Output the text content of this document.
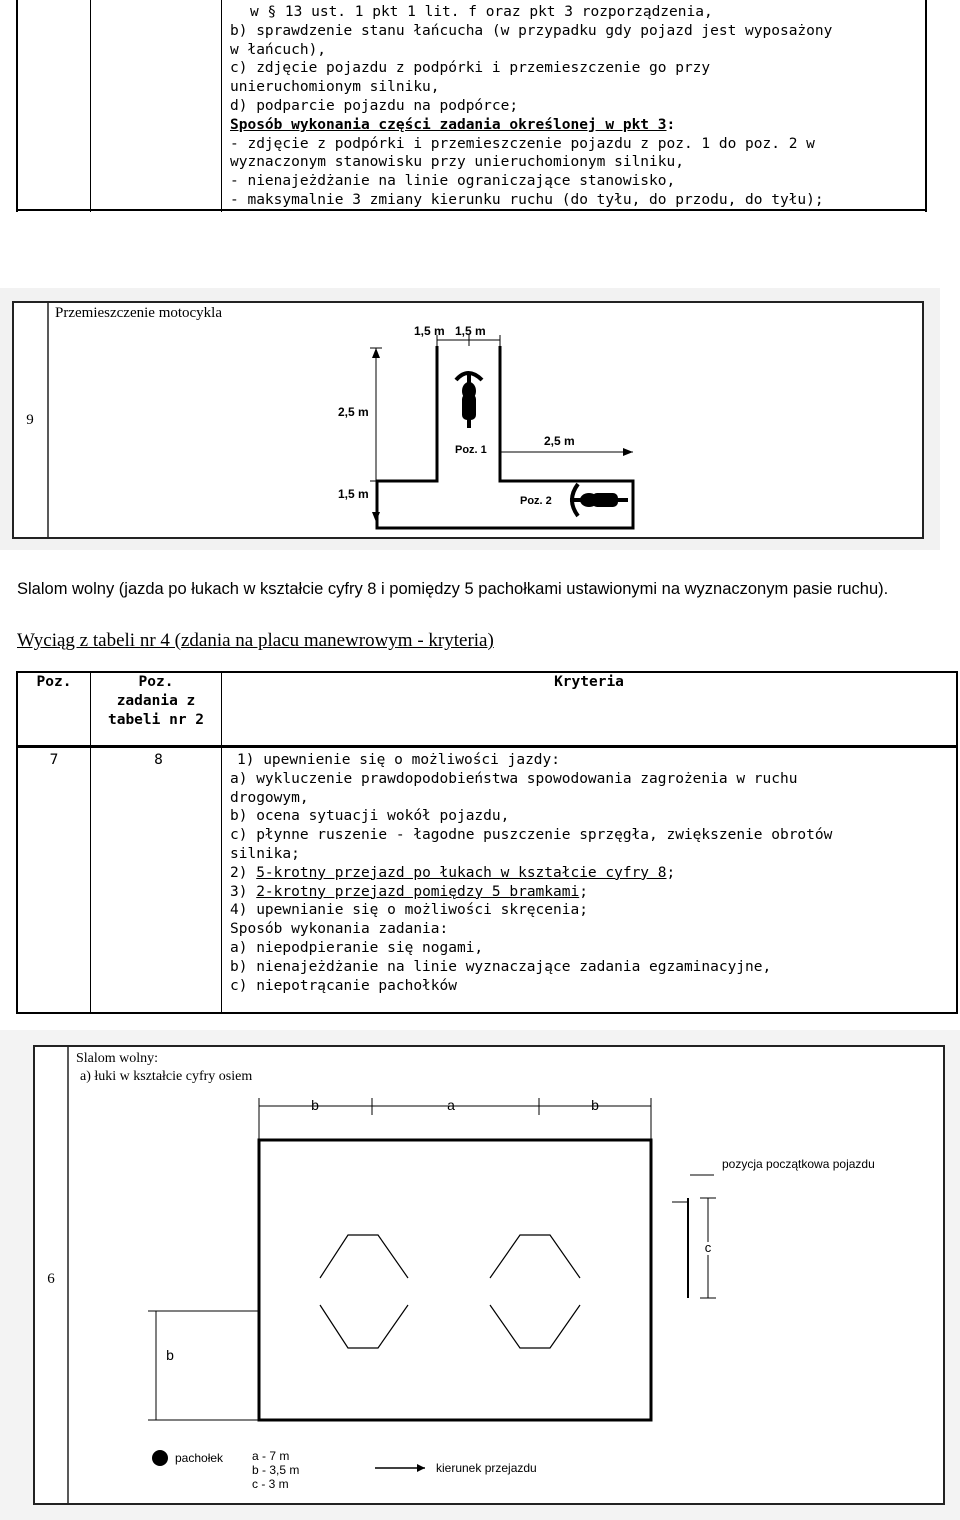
w § 13 ust. 1 pkt 1 lit. f oraz pkt 3 rozporządzenia,
b) sprawdzenie stanu łańcucha (w przypadku gdy pojazd jest wyposażony
w łańcuch),
c) zdjęcie pojazdu z podpórki i przemieszczenie go przy
unieruchomionym silniku,
d) podparcie pojazdu na podpórce;
Sposób wykonania części zadania określonej w pkt 3:
- zdjęcie z podpórki i przemieszczenie pojazdu z poz. 1 do poz. 2 w
wyznaczonym stanowisku przy unieruchomionym silniku,
- nienajeżdżanie na linie ograniczające stanowisko,
- maksymalnie 3 zmiany kierunku ruchu (do tyłu, do przodu, do tyłu);
9
Przemieszczenie motocykla
1,5 m 1,5 m
2,5 m
1,5 m
2,5 m
Poz. 1
Poz. 2
Slalom wolny (jazda po łukach w kształcie cyfry 8 i pomiędzy 5 pachołkami ustawionymi na wyznaczonym pasie ruchu).
Wyciąg z tabeli nr 4 (zdania na placu manewrowym - kryteria)
Poz.	Poz.
zadania z
tabeli nr 2
Kryteria
7	8	1) upewnienie się o możliwości jazdy:
a) wykluczenie prawdopodobieństwa spowodowania zagrożenia w ruchu
drogowym,
b) ocena sytuacji wokół pojazdu,
c) płynne ruszenie - łagodne puszczenie sprzęgła, zwiększenie obrotów
silnika;
2) 5-krotny przejazd po łukach w kształcie cyfry 8;
3) 2-krotny przejazd pomiędzy 5 bramkami;
4) upewnianie się o możliwości skręcenia;
Sposób wykonania zadania:
a) niepodpieranie się nogami,
b) nienajeżdżanie na linie wyznaczające zadania egzaminacyjne,
c) niepotrącanie pachołków
6
Slalom wolny:
a) łuki w kształcie cyfry osiem
b	a	b
c
pozycja początkowa pojazdu
b
pachołek a - 7 m
b - 3,5 m
c - 3 m
kierunek przejazdu
